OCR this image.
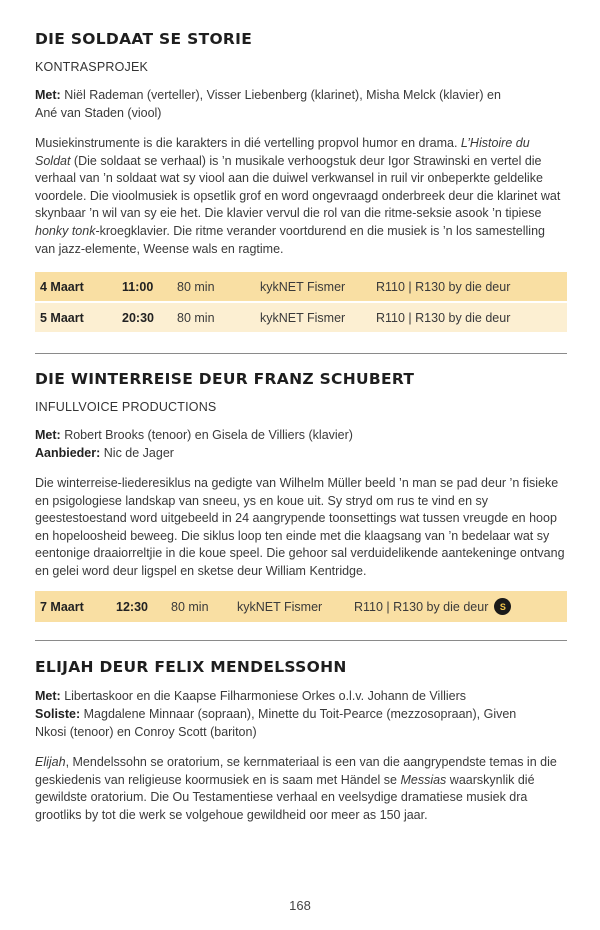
DIE SOLDAAT SE STORIE
KONTRASPROJEK
Met: Niël Rademan (verteller), Visser Liebenberg (klarinet), Misha Melck (klavier) en Ané van Staden (viool)
Musiekinstrumente is die karakters in dié vertelling propvol humor en drama. L’Histoire du Soldat (Die soldaat se verhaal) is ’n musikale verhoogstuk deur Igor Strawinski en vertel die verhaal van ’n soldaat wat sy viool aan die duiwel verkwansel in ruil vir onbeperkte geldelike voordele. Die vioolmusiek is opsetlik grof en word ongevraagd onderbreek deur die klarinet wat skynbaar ’n wil van sy eie het. Die klavier vervul die rol van die ritme-seksie asook ’n tipiese honky tonk-kroegklavier. Die ritme verander voortdurend en die musiek is ’n los samestelling van jazz-elemente, Weense wals en ragtime.
4 Maart	11:00	80 min	kykNET Fismer	R110 | R130 by die deur
5 Maart	20:30	80 min	kykNET Fismer	R110 | R130 by die deur
DIE WINTERREISE DEUR FRANZ SCHUBERT
INFULLVOICE PRODUCTIONS
Met: Robert Brooks (tenoor) en Gisela de Villiers (klavier)
Aanbieder: Nic de Jager
Die winterreise-liederesiklus na gedigte van Wilhelm Müller beeld ’n man se pad deur ’n fisieke en psigologiese landskap van sneeu, ys en koue uit. Sy stryd om rus te vind en sy geestestoestand word uitgebeeld in 24 aangrypende toonsettings wat tussen vreugde en hoop en hopeloosheid beweeg. Die siklus loop ten einde met die klaagsang van ’n bedelaar wat sy eentonige draaiorreltjie in die koue speel. Die gehoor sal verduidelikende aantekeninge ontvang en gelei word deur ligspel en sketse deur William Kentridge.
7 Maart	12:30	80 min	kykNET Fismer	R110 | R130 by die deur	S
ELIJAH DEUR FELIX MENDELSSOHN
Met: Libertaskoor en die Kaapse Filharmoniese Orkes o.l.v. Johann de Villiers
Soliste: Magdalene Minnaar (sopraan), Minette du Toit-Pearce (mezzosopraan), Given Nkosi (tenoor) en Conroy Scott (bariton)
Elijah, Mendelssohn se oratorium, se kernmateriaal is een van die aangrypendste temas in die geskiedenis van religieuse koormusiek en is saam met Händel se Messias waarskynlik dié gewildste oratorium. Die Ou Testamentiese verhaal en veelsydige dramatiese musiek dra grootliks by tot die werk se volgehoue gewildheid oor meer as 150 jaar.
168
